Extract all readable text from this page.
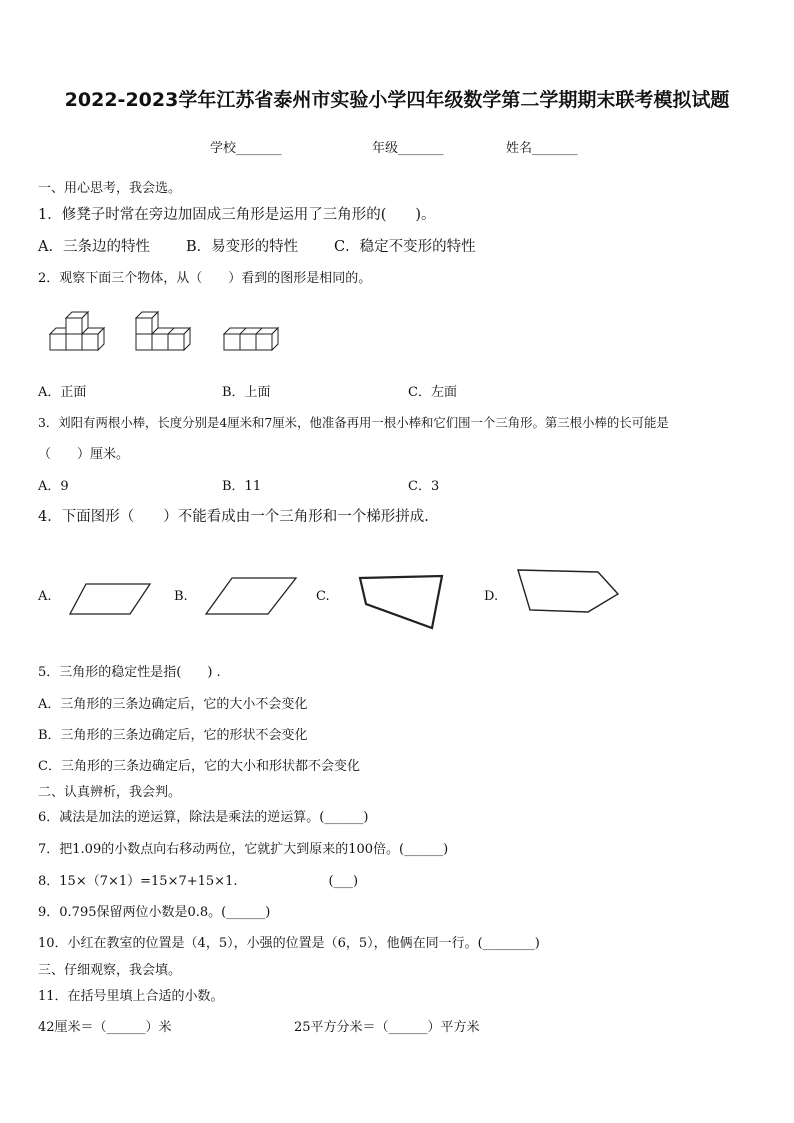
2022-2023学年江苏省泰州市实验小学四年级数学第二学期期末联考模拟试题
学校_______	年级_______	姓名_______
一、用心思考，我会选。
1．修凳子时常在旁边加固成三角形是运用了三角形的(　　)。
A．三条边的特性 B．易变形的特性 C．稳定不变形的特性
2．观察下面三个物体，从（　　）看到的图形是相同的。
A．正面	B．上面	C．左面
3．刘阳有两根小棒，长度分别是4厘米和7厘米，他准备再用一根小棒和它们围一个三角形。第三根小棒的长可能是
（　　）厘米。
A．9	B．11	C．3
4．下面图形（　　）不能看成由一个三角形和一个梯形拼成.
A.	B.	C.	D.
5．三角形的稳定性是指(　　) .
A．三角形的三条边确定后，它的大小不会变化
B．三角形的三条边确定后，它的形状不会变化
C．三角形的三条边确定后，它的大小和形状都不会变化
二、认真辨析，我会判。
6．减法是加法的逆运算，除法是乘法的逆运算。(______)
7．把1.09的小数点向右移动两位，它就扩大到原来的100倍。(______)
8．15×（7×1）=15×7+15×1.　　　　　　　(___)
9．0.795保留两位小数是0.8。(______)
10．小红在教室的位置是（4，5），小强的位置是（6，5），他俩在同一行。(________)
三、仔细观察，我会填。
11．在括号里填上合适的小数。
42厘米＝（______）米	25平方分米＝（______）平方米
